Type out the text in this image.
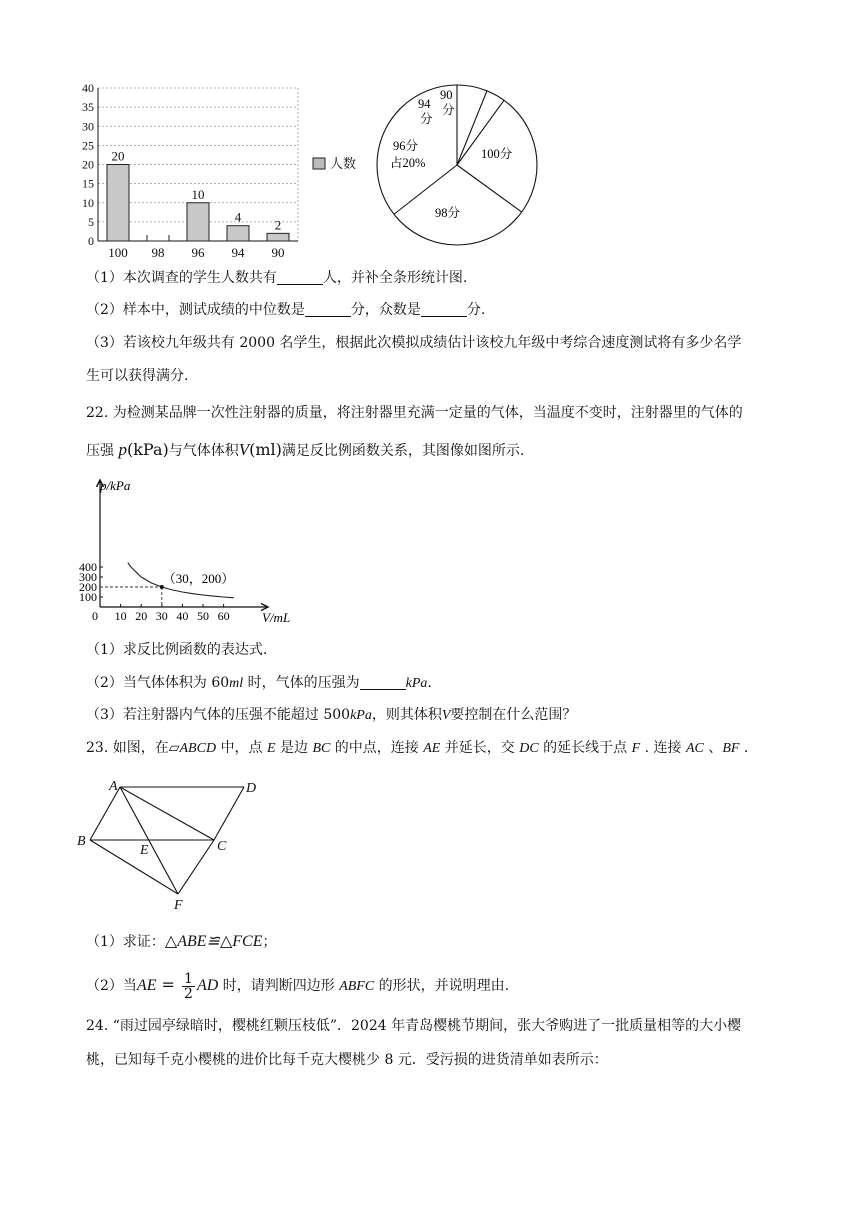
40
35
30
25
20
15
10
5
0
20
100 98
10
96
4
94
2
90
人数
100分
98分
96分
占20%
94
分
90
分
（1）本次调查的学生人数共有	人，并补全条形统计图.
（2）样本中，测试成绩的中位数是	分，众数是	分.
（3）若该校九年级共有 2000 名学生，根据此次模拟成绩估计该校九年级中考综合速度测试将有多少名学
生可以获得满分.
22. 为检测某品牌一次性注射器的质量，将注射器里充满一定量的气体，当温度不变时，注射器里的气体的
压强 p(kPa)与气体体积V(ml)满足反比例函数关系，其图像如图所示.
p/kPa
V/mL
0 10 20 30 40 50 60
400
300
200
100
（30，200）
（1）求反比例函数的表达式.
（2）当气体体积为 60ml 时，气体的压强为	kPa.
（3）若注射器内气体的压强不能超过 500kPa，则其体积V要控制在什么范围？
23. 如图，在▱ABCD 中，点 E 是边 BC 的中点，连接 AE 并延长，交 DC 的延长线于点 F . 连接 AC 、BF .
A	D
B
E	C
F
（1）求证：△ABE≌△FCE；
（2）当AE = $\frac{1}{2}$ AD 时，请判断四边形 ABFC 的形状，并说明理由.
24. “雨过园亭绿暗时，樱桃红颗压枝低”．2024 年青岛樱桃节期间，张大爷购进了一批质量相等的大小樱
桃，已知每千克小樱桃的进价比每千克大樱桃少 8 元．受污损的进货清单如表所示：
